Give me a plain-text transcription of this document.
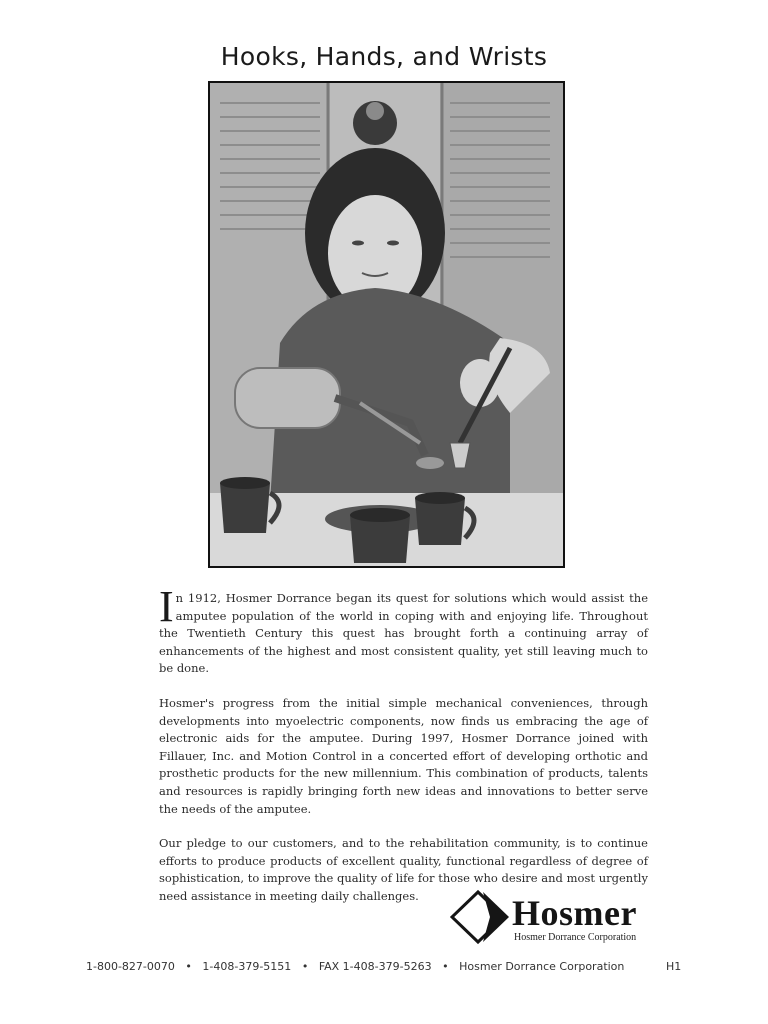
Hooks, Hands, and Wrists

In 1912, Hosmer Dorrance began its quest for solutions which would assist the amputee population of the world in coping with and enjoying life. Throughout the Twentieth Century this quest has brought forth a continuing array of enhancements of the highest and most consistent quality, yet still leaving much to be done.

Hosmer's progress from the initial simple mechanical conveniences, through developments into myoelectric components, now finds us embracing the age of electronic aids for the amputee. During 1997, Hosmer Dorrance joined with Fillauer, Inc. and Motion Control in a concerted effort of developing orthotic and prosthetic products for the new millennium. This combination of products, talents and resources is rapidly bringing forth new ideas and innovations to better serve the needs of the amputee.

Our pledge to our customers, and to the rehabilitation community, is to continue efforts to produce products of excellent quality, functional regardless of degree of sophistication, to improve the quality of life for those who desire and most urgently need assistance in meeting daily challenges.	Hosmer
Hosmer Dorrance Corporation
1-800-827-0070 • 1-408-379-5151 • FAX 1-408-379-5263 • Hosmer Dorrance Corporation	H1
